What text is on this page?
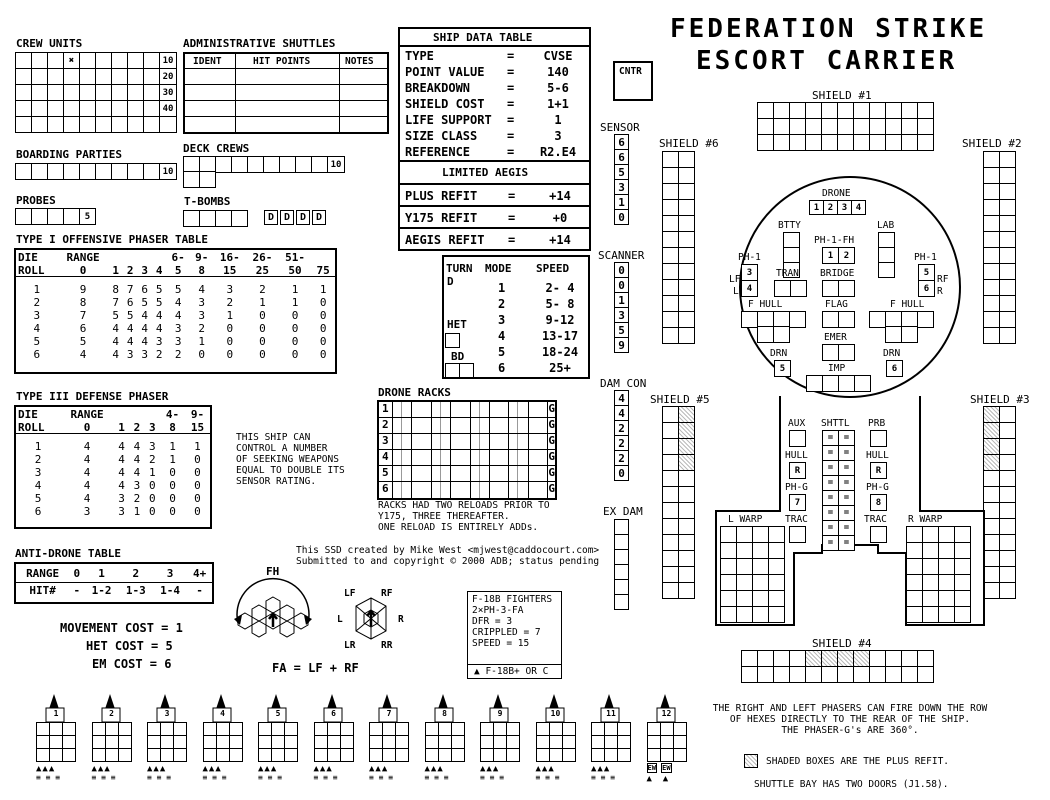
FEDERATION STRIKE
ESCORT CARRIER
CREW UNITS
✖	10
20
30
40
ADMINISTRATIVE SHUTTLES
IDENT	HIT POINTS	NOTES
BOARDING PARTIES
10
DECK CREWS
10
PROBES
5
T-BOMBS
D D D D
SHIP DATA TABLE
TYPE	=	CVSE
POINT VALUE =	140
BREAKDOWN	=	5-6
SHIELD COST =	1+1
LIFE SUPPORT =	1
SIZE CLASS =	3
REFERENCE	=	R2.E4
LIMITED AEGIS
PLUS REFIT	=	+14
Y175 REFIT	=	+0
AEGIS REFIT =	+14
CNTR
TYPE I OFFENSIVE PHASER TABLE
DIE	RANGE					6-	9-	16-	26-	51-	
ROLL	0	1	2	3	4	5	8	15	25	50	75

1	9	8	7	6	5	5	4	3	2	1	1
2	8	7	6	5	5	4	3	2	1	1	0
3	7	5	5	4	4	4	3	1	0	0	0
4	6	4	4	4	4	3	2	0	0	0	0
5	5	4	4	4	3	3	1	0	0	0	0
6	4	4	3	3	2	2	0	0	0	0	0
TYPE III DEFENSE PHASER
DIE	RANGE				4-	9-
ROLL	0	1	2	3	8	15

1	4	4	4	3	1	1
2	4	4	4	2	1	0
3	4	4	4	1	0	0
4	4	4	3	0	0	0
5	4	3	2	0	0	0
6	3	3	1	0	0	0
THIS SHIP CAN
CONTROL A NUMBER
OF SEEKING WEAPONS
EQUAL TO DOUBLE ITS
SENSOR RATING.
TURN MODE SPEED
D
HET
BD
1	2- 4
2	5- 8
3	9-12
4	13-17
5	18-24
6	25+
DRONE RACKS
1	G
2	G
3	G
4	G
5	G
6	G
RACKS HAD TWO RELOADS PRIOR TO
Y175, THREE THEREAFTER.
ONE RELOAD IS ENTIRELY ADDs.
This SSD created by Mike West <mjwest@caddocourt.com>
Submitted to and copyright © 2000 ADB; status pending
ANTI-DRONE TABLE
RANGE	0	1	2	3	4+
HIT#	-	1-2	1-3	1-4	-
MOVEMENT COST = 1
HET COST = 5
EM COST = 6
FH
FA = LF + RF
LF	RF
L	R
LR	RR
F-18B FIGHTERS
2×PH-3-FA
DFR = 3
CRIPPLED = 7
SPEED = 15
▲ F-18B+ OR C
SENSOR
6
6
5
3
1
0
SCANNER
0
0
1
3
5
9
DAM CON
4
4
2
2
2
0
EX DAM
SHIELD #1
SHIELD #6	SHIELD #2
SHIELD #5	SHIELD #3
SHIELD #4
DRONE
1 2 3 4
BTTY	LAB
PH-1-FH
1	2
PH-1
LF
L
3
4
PH-1
RF
R
5
6
TRAN BRIDGE
F HULL	F HULL
FLAG
EMER
DRN
5
DRN
6
IMP
AUX SHTTL
=	=
=	=
=	=
=	=
=	=
=	=
=	=
=	=
PRB
HULL
R
HULL
R
PH-G
7
PH-G
8
TRAC	TRAC
L WARP	R WARP
THE RIGHT AND LEFT PHASERS CAN FIRE DOWN THE ROW
OF HEXES DIRECTLY TO THE REAR OF THE SHIP.
THE PHASER-G's ARE 360°.
SHADED BOXES ARE THE PLUS REFIT.
SHUTTLE BAY HAS TWO DOORS (J1.58).
1
▲▲▲
≡ ≡ ≡
2
▲▲▲
≡ ≡ ≡
3
▲▲▲
≡ ≡ ≡
4
▲▲▲
≡ ≡ ≡
5
▲▲▲
≡ ≡ ≡
6
▲▲▲
≡ ≡ ≡
7
▲▲▲
≡ ≡ ≡
8
▲▲▲
≡ ≡ ≡
9
▲▲▲
≡ ≡ ≡
10
▲▲▲
≡ ≡ ≡
11
▲▲▲
≡ ≡ ≡
12
EW EW
▲  ▲
